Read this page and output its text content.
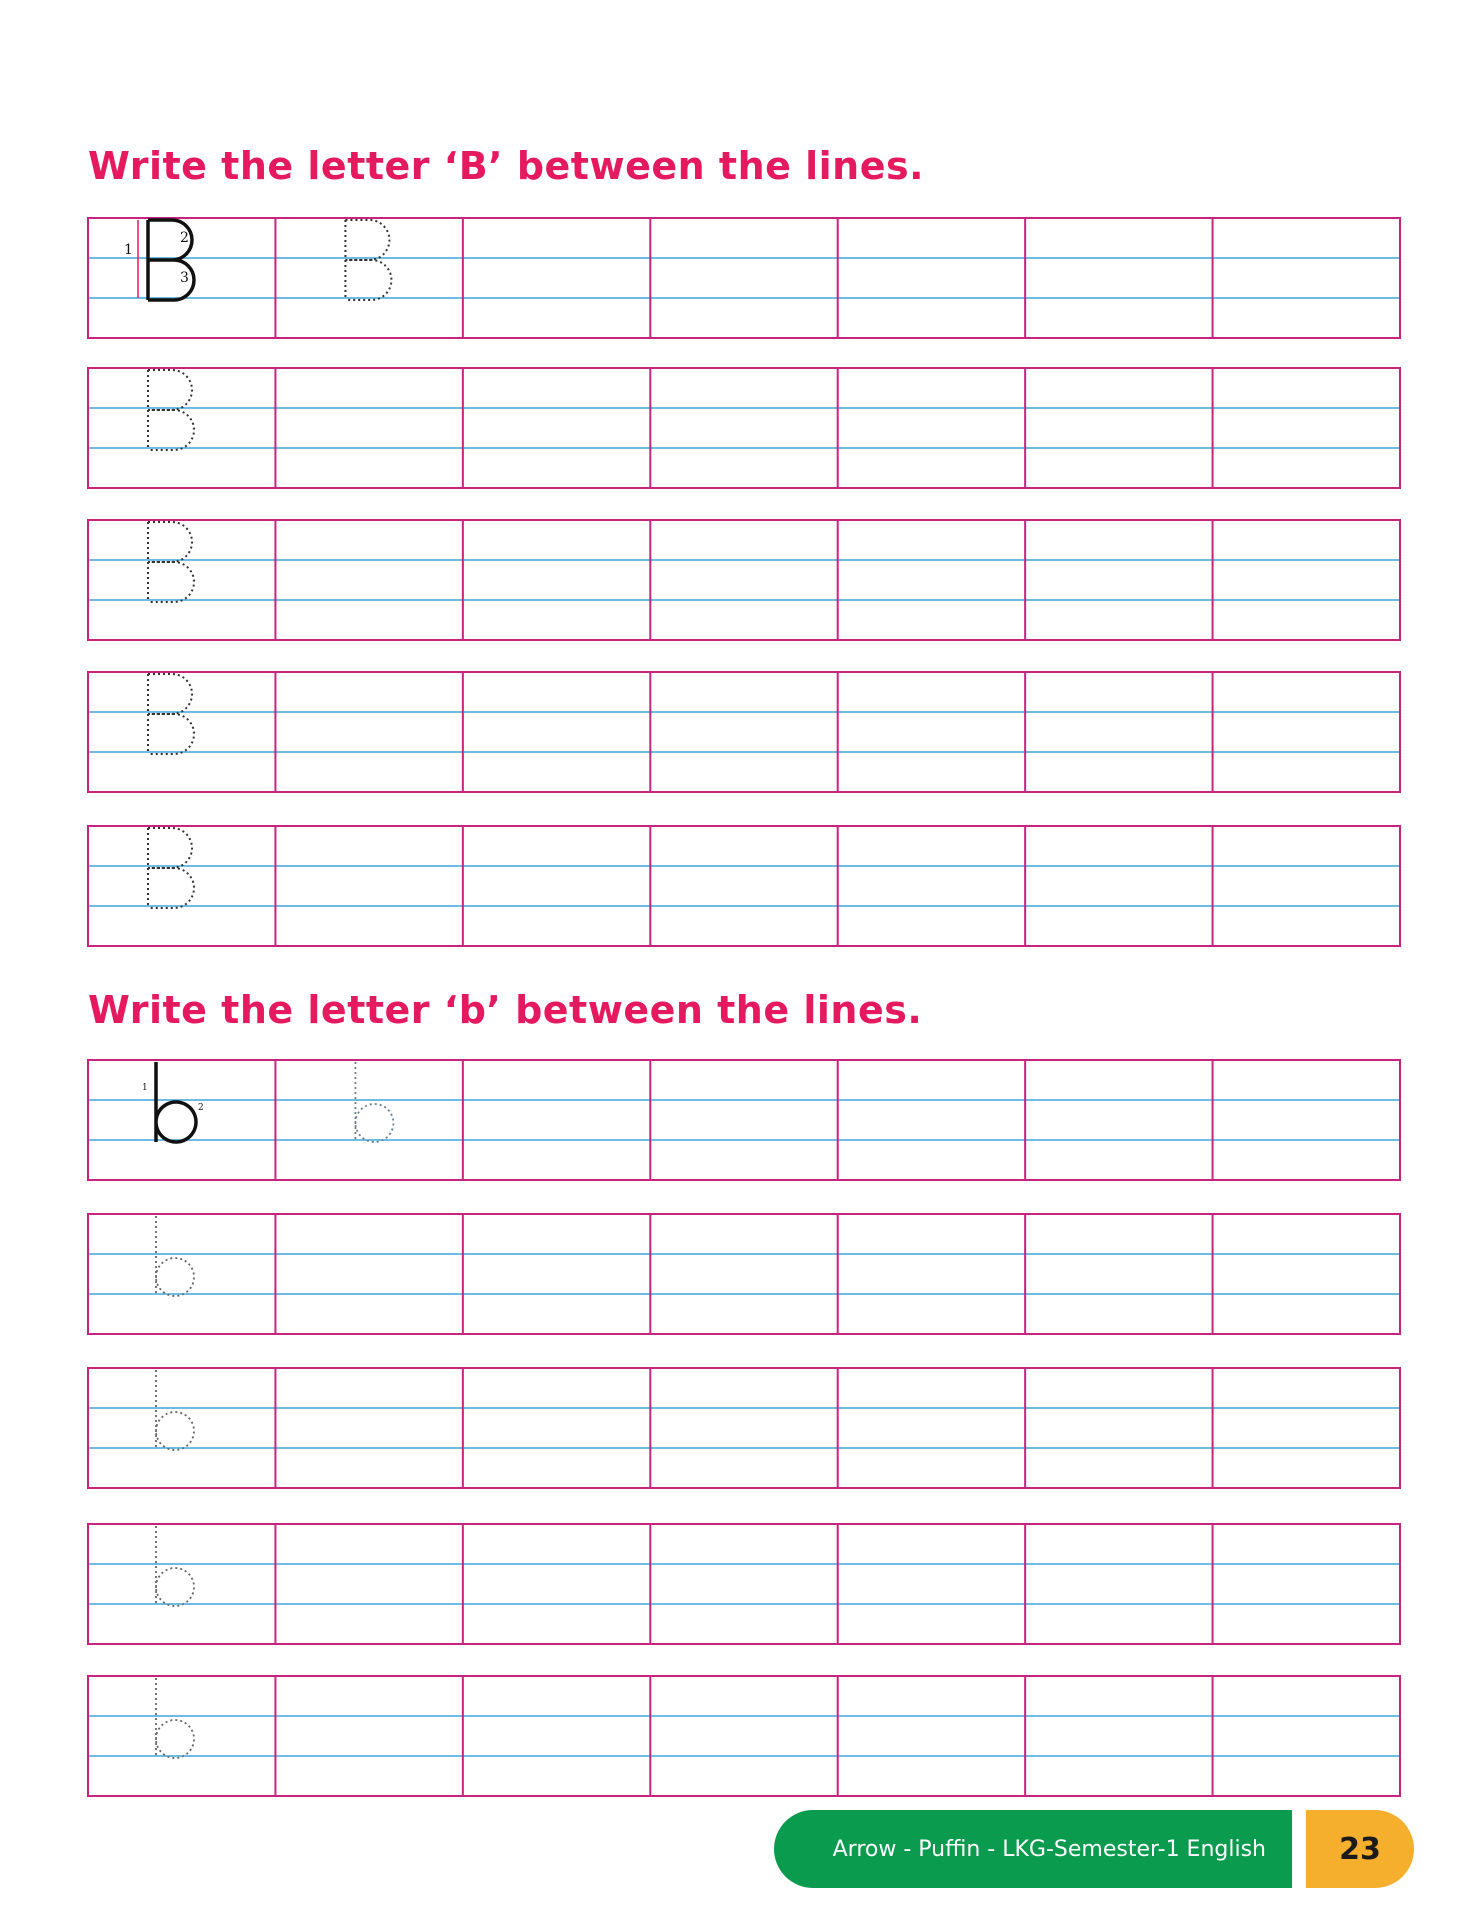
Write the letter ‘B’ between the lines.
Write the letter ‘b’ between the lines.
1
2
3
1
2
Arrow - Puffin - LKG-Semester-1 English	23
